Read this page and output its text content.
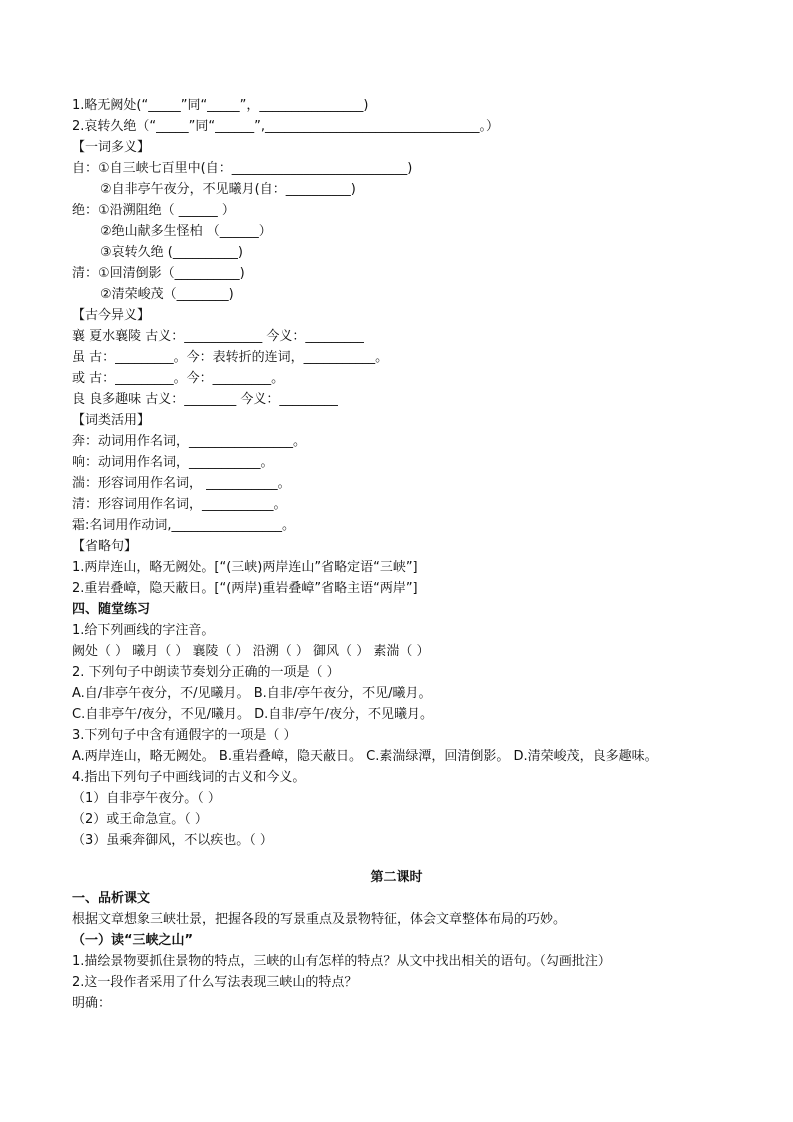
1.略无阙处(“_____”同“_____”，________________)
2.哀转久绝（“_____”同“______”,_________________________________。）
【一词多义】
自：①自三峡七百里中(自：___________________________)
②自非亭午夜分，不见曦月(自：__________)
绝：①沿溯阻绝（ ______ ）
②绝山献多生怪柏 （______）
③哀转久绝 (__________)
清：①回清倒影（__________)
②清荣峻茂（________)
【古今异义】
襄 夏水襄陵 古义：____________ 今义：_________
虽 古：_________。今：表转折的连词，___________。
或 古：_________。今：_________。
良 良多趣味 古义：________ 今义：_________
【词类活用】
奔：动词用作名词，________________。
响：动词用作名词，___________。
湍：形容词用作名词， ___________。
清：形容词用作名词，___________。
霜:名词用作动词,_________________。
【省略句】
1.两岸连山，略无阙处。[“(三峡)两岸连山”省略定语“三峡”]
2.重岩叠嶂，隐天蔽日。[“(两岸)重岩叠嶂”省略主语“两岸”]
四、随堂练习
1.给下列画线的字注音。
阙处（ ） 曦月（ ） 襄陵（ ） 沿溯（ ） 御风（ ） 素湍（ ）
2. 下列句子中朗读节奏划分正确的一项是（ ）
A.自/非亭午夜分，不/见曦月。 B.自非/亭午夜分，不见/曦月。
C.自非亭午/夜分，不见/曦月。 D.自非/亭午/夜分，不见曦月。
3.下列句子中含有通假字的一项是（ ）
A.两岸连山，略无阙处。 B.重岩叠嶂，隐天蔽日。 C.素湍绿潭，回清倒影。 D.清荣峻茂，良多趣味。
4.指出下列句子中画线词的古义和今义。
（1）自非亭午夜分。（ ）
（2）或王命急宣。（ ）
（3）虽乘奔御风，不以疾也。（ ）
第二课时
一、品析课文
根据文章想象三峡壮景，把握各段的写景重点及景物特征，体会文章整体布局的巧妙。
（一）读“三峡之山”
1.描绘景物要抓住景物的特点，三峡的山有怎样的特点？从文中找出相关的语句。（勾画批注）
2.这一段作者采用了什么写法表现三峡山的特点？
明确：
